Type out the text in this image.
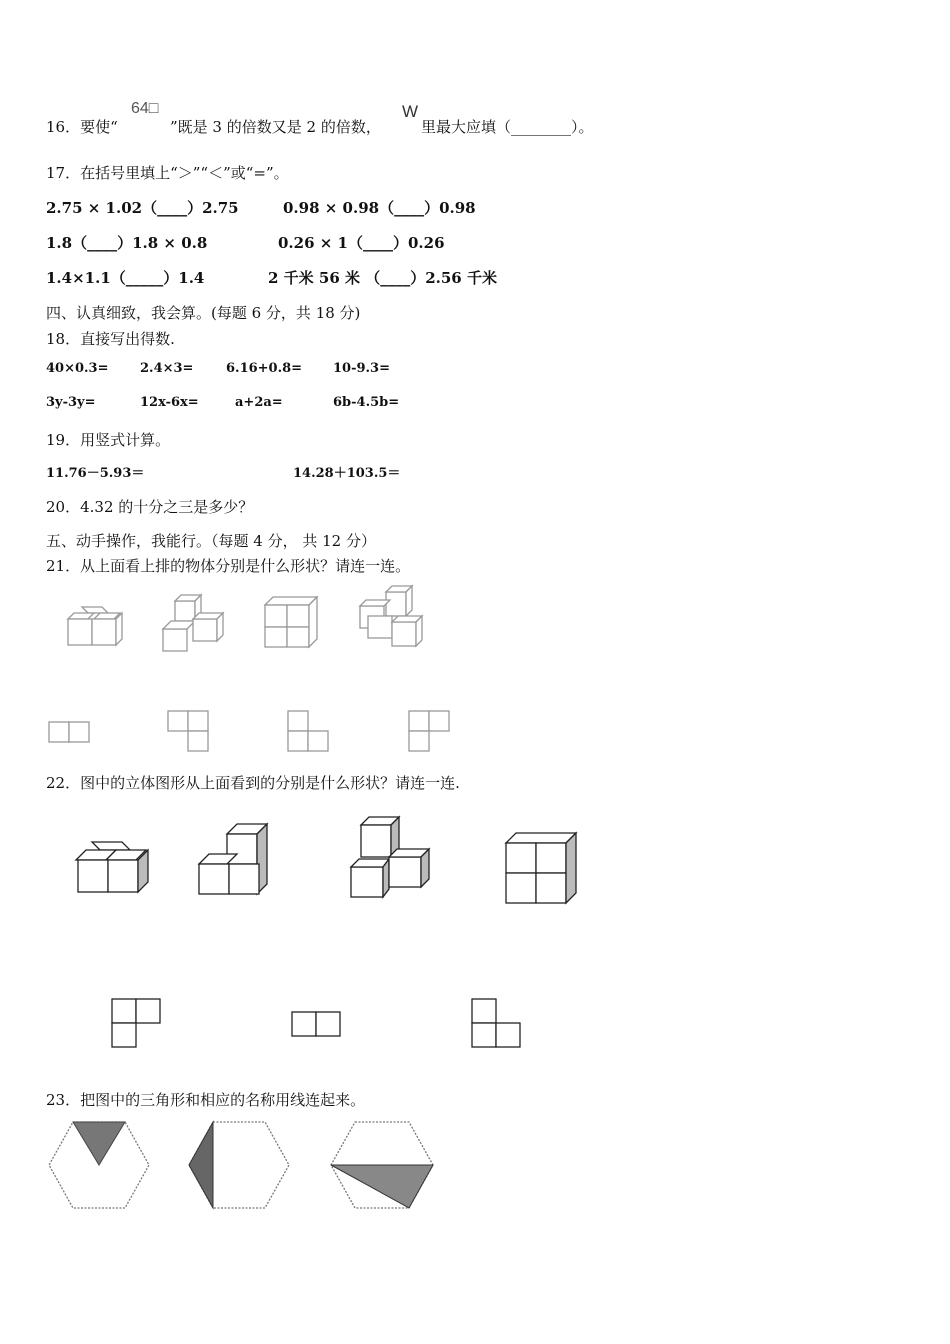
16．要使“
64□
”既是 3 的倍数又是 2 的倍数，
W
里最大应填（________）。
17．在括号里填上“＞”“＜”或“=”。
2.75 × 1.02（____）2.75	0.98 × 0.98（____）0.98
1.8（____）1.8 × 0.8	0.26 × 1（____）0.26
1.4×1.1（_____）1.4	2 千米 56 米 （____）2.56 千米
四、认真细致，我会算。(每题 6 分，共 18 分)
18．直接写出得数.
40×0.3= 2.4×3=	6.16+0.8= 10-9.3=
3y-3y=	12x-6x=	a+2a=	6b-4.5b=
19．用竖式计算。
11.76－5.93＝	14.28＋103.5＝
20．4.32 的十分之三是多少？
五、动手操作，我能行。（每题 4 分， 共 12 分）
21．从上面看上排的物体分别是什么形状？请连一连。
22．图中的立体图形从上面看到的分别是什么形状？请连一连.
23．把图中的三角形和相应的名称用线连起来。
